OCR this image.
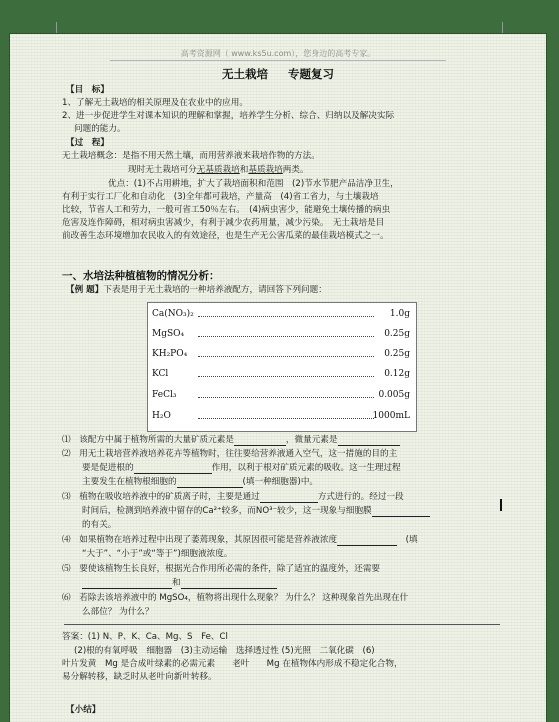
高考资源网（ www.ks5u.com），您身边的高考专家。
无土栽培 专题复习
【目　标】
1、了解无土栽培的相关原理及在农业中的应用。
2、进一步促进学生对课本知识的理解和掌握，培养学生分析、综合、归纳以及解决实际
问题的能力。
【过　程】
无土栽培概念：是指不用天然土壤，而用营养液来栽培作物的方法。
现时无土栽培可分无基质栽培和基质栽培两类。
优点：(1)不占用耕地，扩大了栽培面积和范围　(2)节水节肥产品洁净卫生，
有利于实行工厂化和自动化　(3)全年都可栽培，产量高　(4)省工省力，与土壤栽培
比较，节省人工和劳力，一般可省工50％左右。　(4)病虫害少，能避免土壤传播的病虫
危害及连作障碍，相对病虫害减少，有利于减少农药用量，减少污染。　无土栽培是目
前改善生态环境增加农民收入的有效途径，也是生产无公害瓜菜的最佳栽培模式之一。
一、水培法种植植物的情况分析：
【例 题】下表是用于无土栽培的一种培养液配方，请回答下列问题：
Ca(NO₃)₂	1.0g
MgSO₄	0.25g
KH₂PO₄	0.25g
KCl	0.12g
FeCl₃	0.005g
H₂O	1000mL
⑴　 该配方中属于植物所需的大量矿质元素是	，微量元素是
⑵　 用无土栽培营养液培养花卉等植物时，往往要给营养液通入空气，这一措施的目的主
要是促进根的	作用，以利于根对矿质元素的吸收。这一生理过程
主要发生在植物根细胞的	(填一种细胞器)中。
⑶　 植物在吸收培养液中的矿质离子时，主要是通过	方式进行的。经过一段
时间后，检测到培养液中留存的Ca²⁺较多，而NO³⁻较少，这一现象与细胞膜
的有关。
⑷　 如果植物在培养过程中出现了萎蔫现象，其原因很可能是营养液浓度　	(填
“大于”、“小于”或“等于”)细胞液浓度。
⑸　 要使该植物生长良好，根据光合作用所必需的条件，除了适宜的温度外，还需要
和
⑹　 若除去该培养液中的 MgSO₄，植物将出现什么现象？ 为什么？ 这种现象首先出现在什
么部位？ 为什么？
答案：(1) N、P、K、Ca、Mg、S　Fe、Cl
(2)根的有氧呼吸　细胞器　(3)主动运输　选择透过性 (5)光照　二氧化碳　(6)
叶片发黄　Mg 是合成叶绿素的必需元素　　老叶　　Mg 在植物体内形成不稳定化合物，
易分解转移，缺乏时从老叶向新叶转移。
【小结】
